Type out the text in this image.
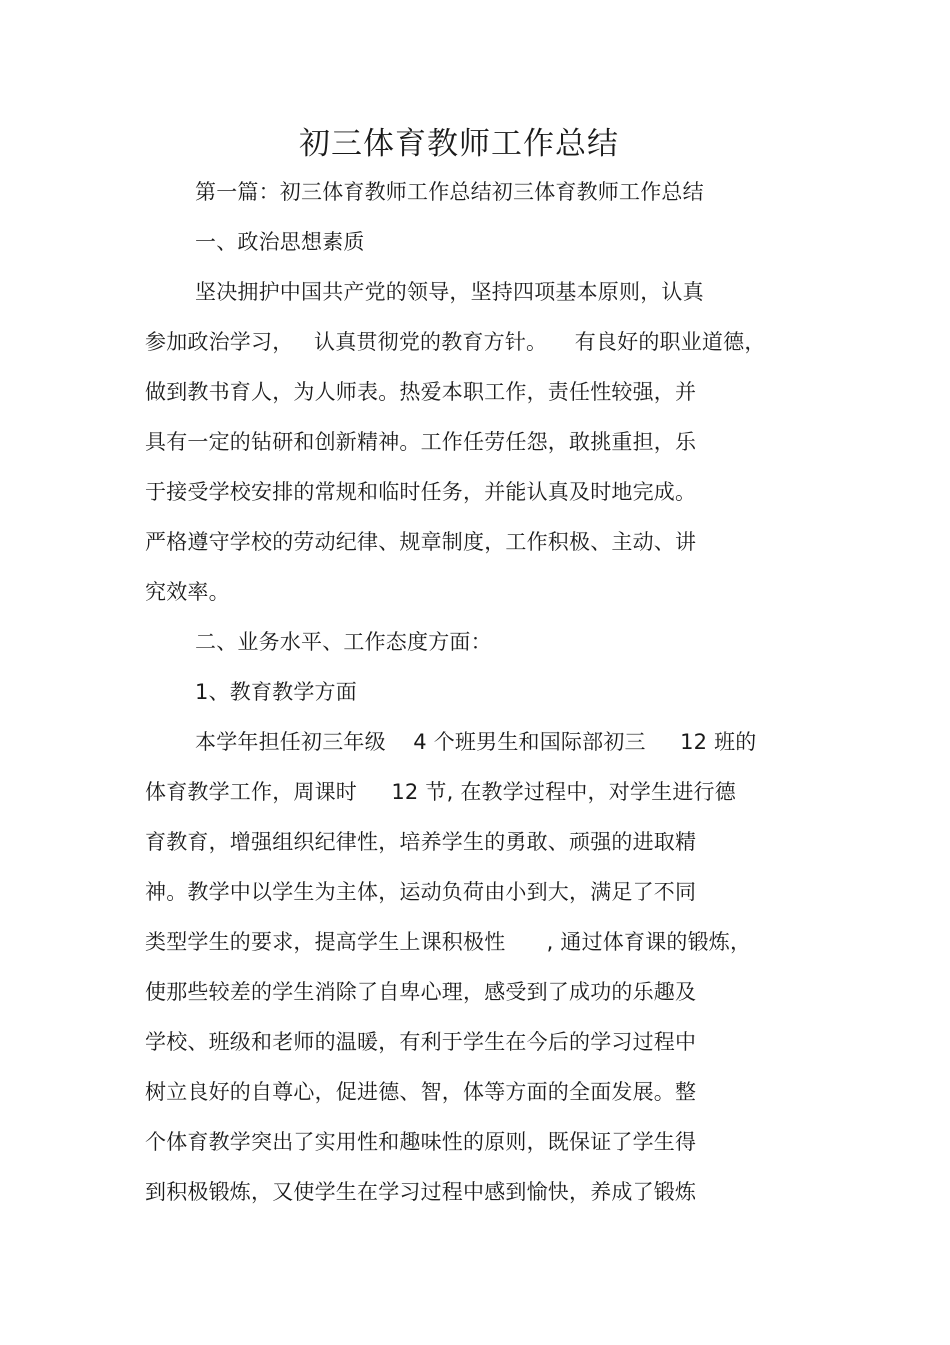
初三体育教师工作总结
第一篇：初三体育教师工作总结初三体育教师工作总结
一、政治思想素质
坚决拥护中国共产党的领导，坚持四项基本原则，认真
参加政治学习，   认真贯彻党的教育方针。    有良好的职业道德，
做到教书育人，为人师表。热爱本职工作，责任性较强，并
具有一定的钻研和创新精神。工作任劳任怨，敢挑重担，乐
于接受学校安排的常规和临时任务，并能认真及时地完成。
严格遵守学校的劳动纪律、规章制度，工作积极、主动、讲
究效率。
二、业务水平、工作态度方面：
1、教育教学方面
本学年担任初三年级    4 个班男生和国际部初三     12 班的
体育教学工作，周课时     12 节, 在教学过程中，对学生进行德
育教育，增强组织纪律性，培养学生的勇敢、顽强的进取精
神。教学中以学生为主体，运动负荷由小到大，满足了不同
类型学生的要求，提高学生上课积极性      , 通过体育课的锻炼，
使那些较差的学生消除了自卑心理，感受到了成功的乐趣及
学校、班级和老师的温暖，有利于学生在今后的学习过程中
树立良好的自尊心，促进德、智，体等方面的全面发展。整
个体育教学突出了实用性和趣味性的原则，既保证了学生得
到积极锻炼，又使学生在学习过程中感到愉快，养成了锻炼
